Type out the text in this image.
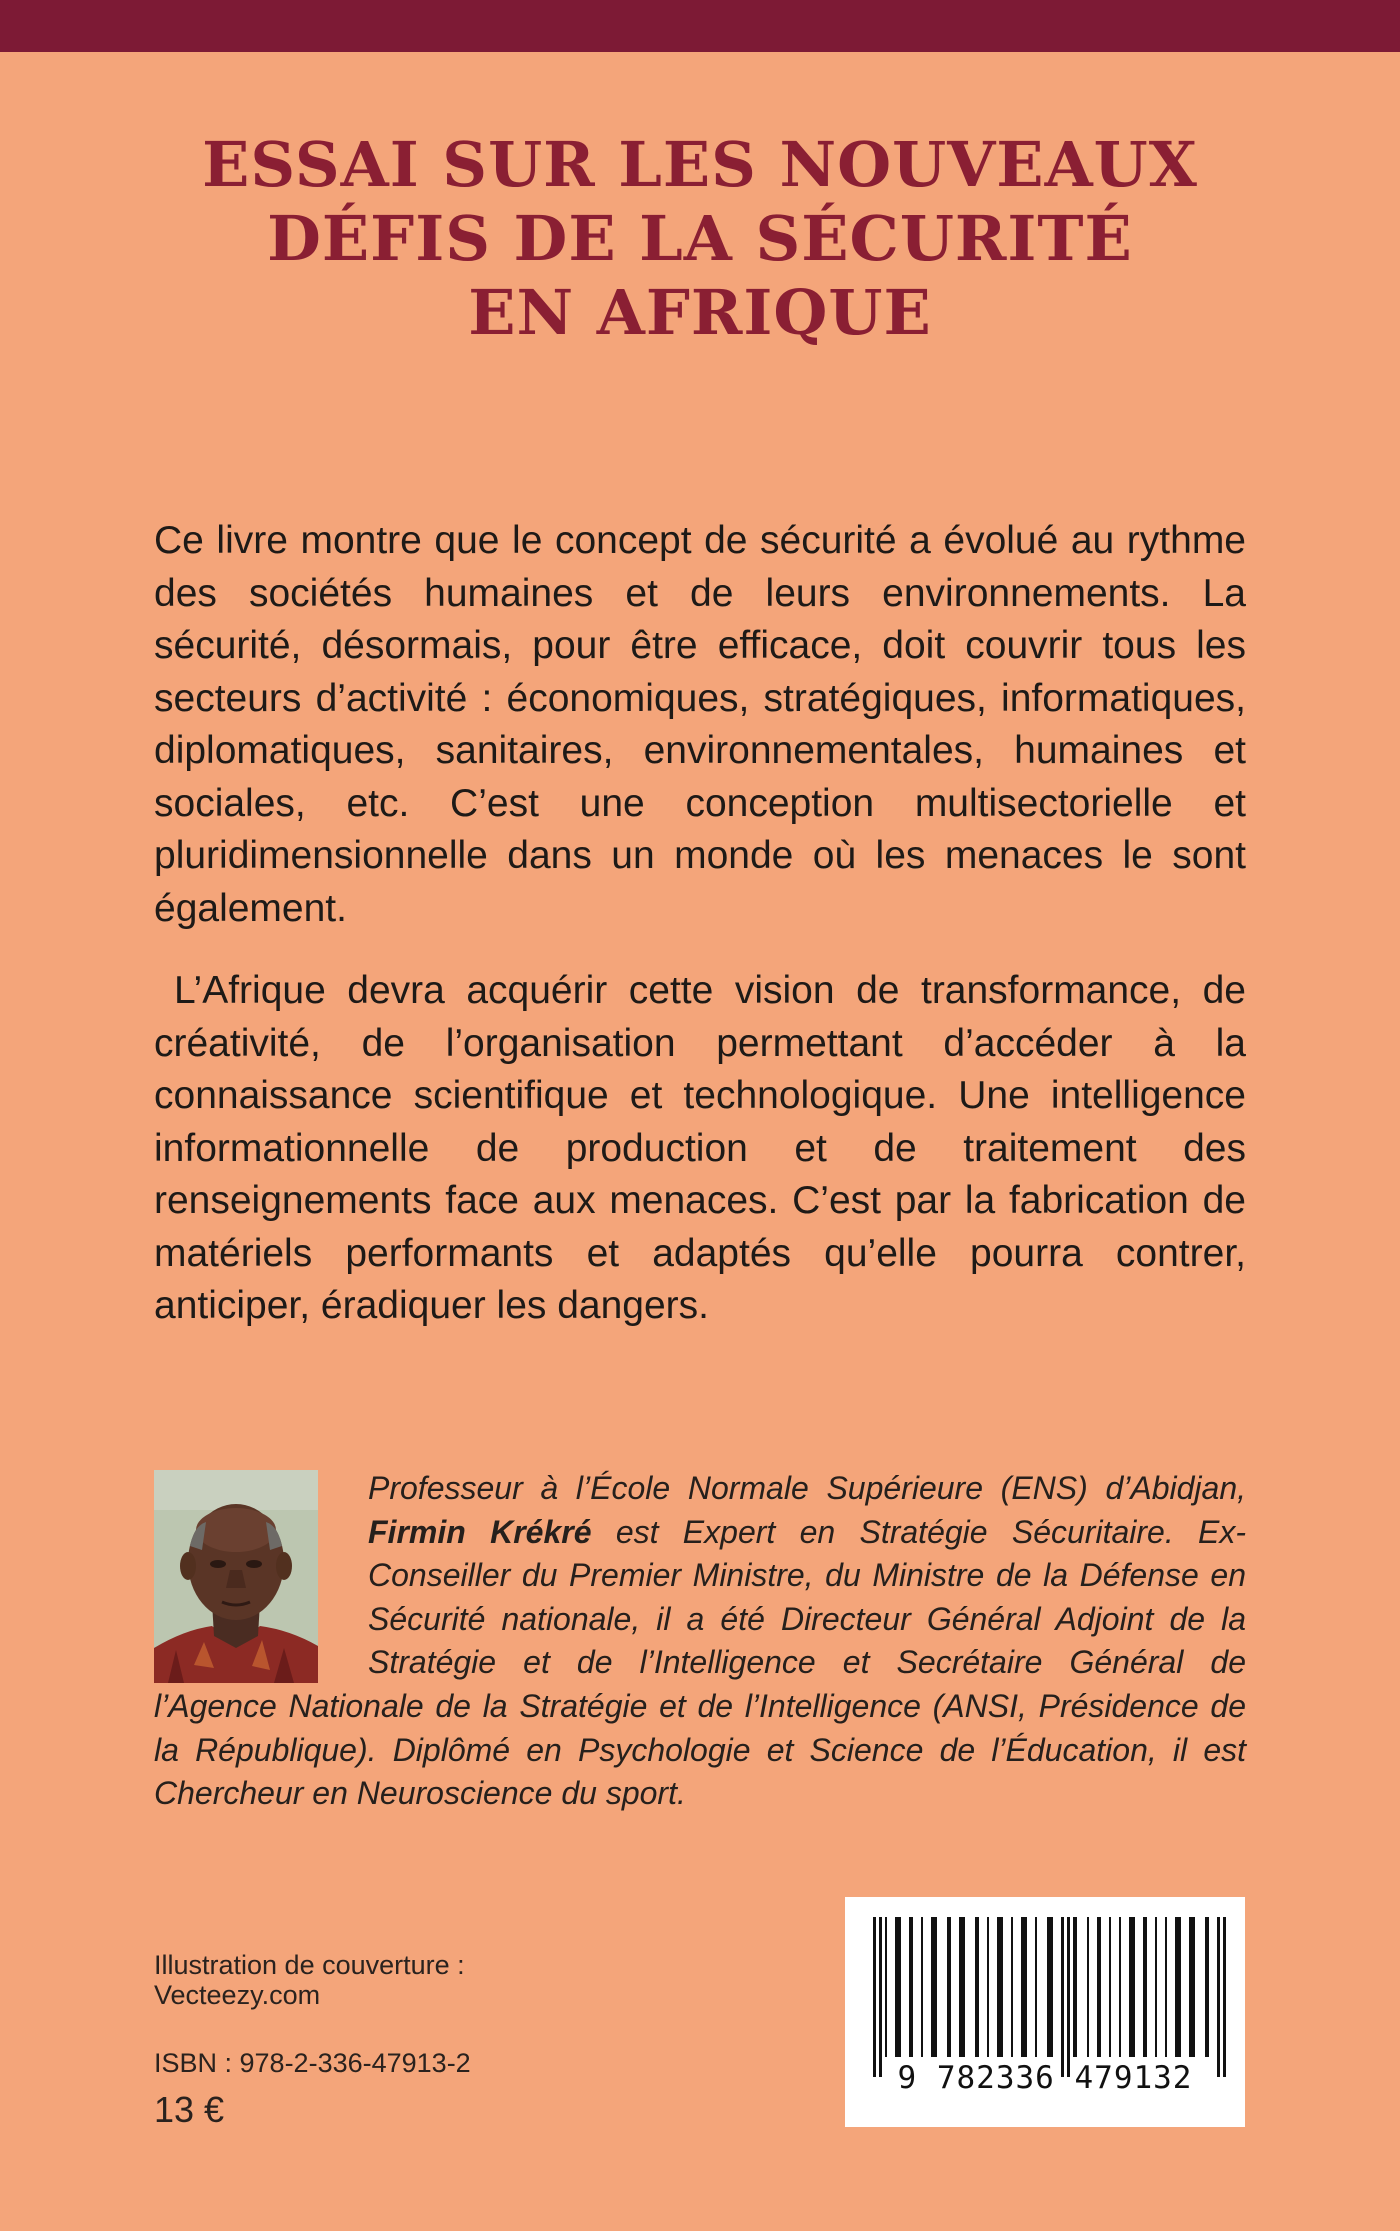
ESSAI SUR LES NOUVEAUX
DÉFIS DE LA SÉCURITÉ
EN AFRIQUE

Ce livre montre que le concept de sécurité a évolué au rythme des sociétés humaines et de leurs environnements. La sécurité, désormais, pour être efficace, doit couvrir tous les secteurs d’activité : économiques, stratégiques, informatiques, diplomatiques, sanitaires, environnementales, humaines et sociales, etc. C’est une conception multisectorielle et pluridimensionnelle dans un monde où les menaces le sont également.

L’Afrique devra acquérir cette vision de transformance, de créativité, de l’organisation permettant d’accéder à la connaissance scientifique et technologique. Une intelligence informationnelle de production et de traitement des renseignements face aux menaces. C’est par la fabrication de matériels performants et adaptés qu’elle pourra contrer, anticiper, éradiquer les dangers.

Professeur à l’École Normale Supérieure (ENS) d’Abidjan, Firmin Krékré est Expert en Stratégie Sécuritaire. Ex-Conseiller du Premier Ministre, du Ministre de la Défense en Sécurité nationale, il a été Directeur Général Adjoint de la Stratégie et de l’Intelligence et Secrétaire Général de l’Agence Nationale de la Stratégie et de l’Intelligence (ANSI, Présidence de la République). Diplômé en Psychologie et Science de l’Éducation, il est Chercheur en Neuroscience du sport.
Illustration de couverture :
Vecteezy.com
ISBN : 978-2-336-47913-2
13 €
9 782336 479132
